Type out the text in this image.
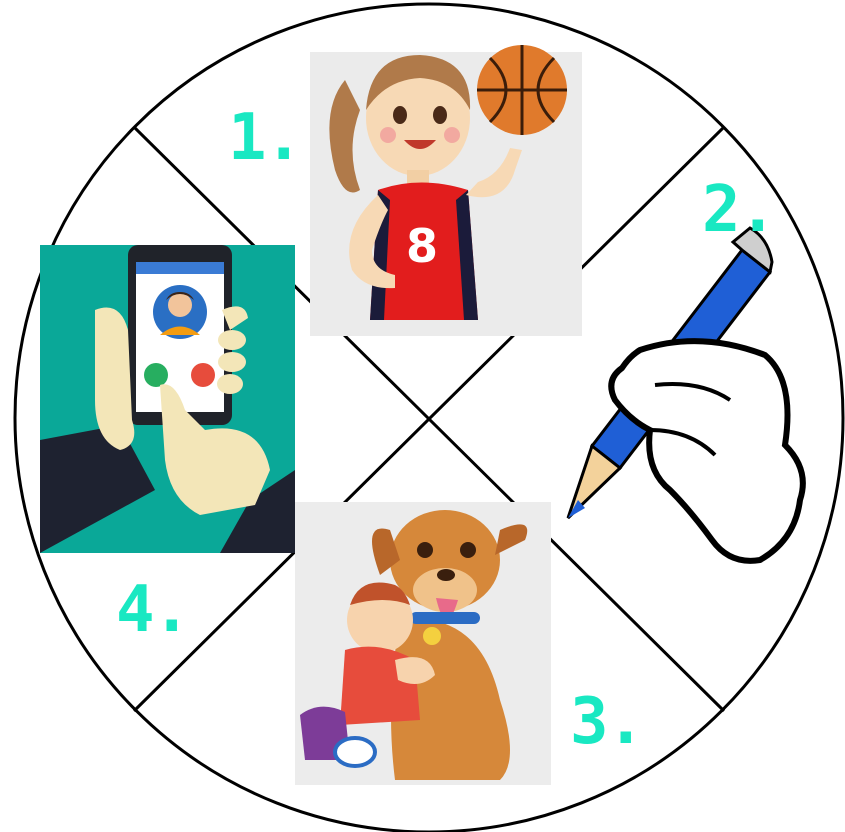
8
1.
2.
3.
4.
